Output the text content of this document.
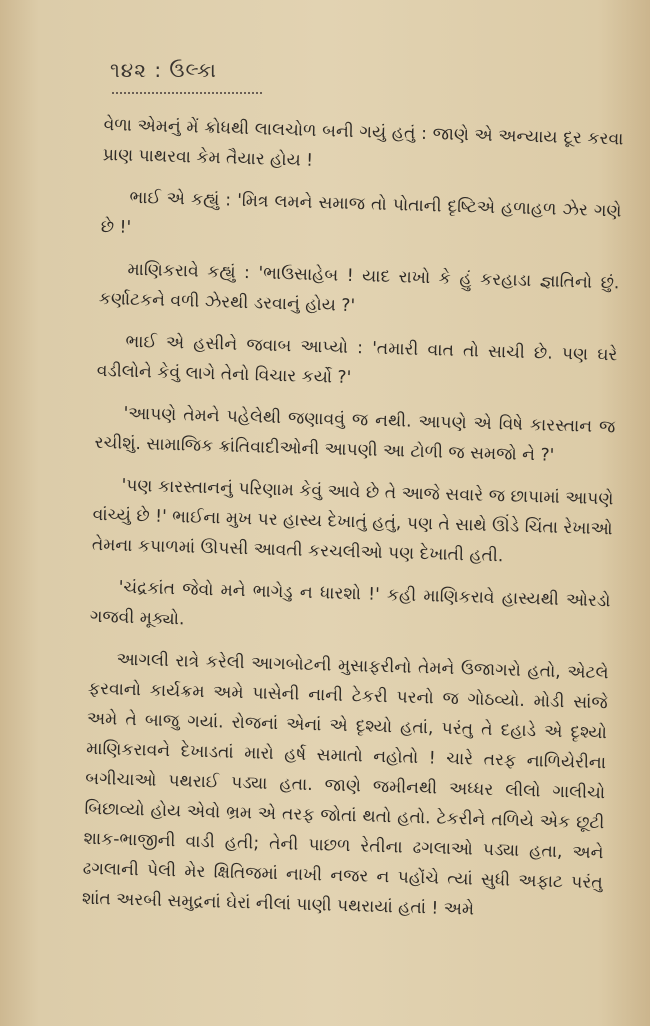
૧૪૨ : ઉલ્કા

વેળા એમનું મેં ક્રોધથી લાલચોળ બની ગયું હતું : જાણે એ અન્યાય દૂર કરવા પ્રાણ પાથરવા કેમ તૈયાર હોય !

ભાઈ એ કહ્યું : 'મિત્ર લમને સમાજ તો પોતાની દૃષ્ટિએ હળાહળ ઝેર ગણે છે !'

માણિકરાવે કહ્યું : 'ભાઉસાહેબ ! યાદ રાખો કે હું કરહાડા જ્ઞાતિનો છું. કર્ણાટકને વળી ઝેરથી ડરવાનું હોય ?'

ભાઈ એ હસીને જવાબ આપ્યો : 'તમારી વાત તો સાચી છે. પણ ઘરે વડીલોને કેવું લાગે તેનો વિચાર કર્યો ?'

'આપણે તેમને પહેલેથી જણાવવું જ નથી. આપણે એ વિષે કારસ્તાન જ રચીશું. સામાજિક ક્રાંતિવાદીઓની આપણી આ ટોળી જ સમજો ને ?'

'પણ કારસ્તાનનું પરિણામ કેવું આવે છે તે આજે સવારે જ છાપામાં આપણે વાંચ્યું છે !' ભાઈના મુખ પર હાસ્ય દેખાતું હતું, પણ તે સાથે ઊંડે ચિંતા રેખાઓ તેમના કપાળમાં ઊપસી આવતી કરચલીઓ પણ દેખાતી હતી.

'ચંદ્રકાંત જેવો મને ભાગેડુ ન ધારશો !' કહી માણિકરાવે હાસ્યથી ઓરડો ગજવી મૂક્યો.

આગલી રાત્રે કરેલી આગબોટની મુસાફરીનો તેમને ઉજાગરો હતો, એટલે ફરવાનો કાર્યક્રમ અમે પાસેની નાની ટેકરી પરનો જ ગોઠવ્યો. મોડી સાંજે અમે તે બાજુ ગયાં. રોજનાં એનાં એ દૃશ્યો હતાં, પરંતુ તે દહાડે એ દૃશ્યો માણિકરાવને દેખાડતાં મારો હર્ષ સમાતો નહોતો ! ચારે તરફ નાળિયેરીના બગીચાઓ પથરાઈ પડ્યા હતા. જાણે જમીનથી અધ્ધર લીલો ગાલીચો બિછાવ્યો હોય એવો ભ્રમ એ તરફ જોતાં થતો હતો. ટેકરીને તળિયે એક છૂટી શાક-ભાજીની વાડી હતી; તેની પાછળ રેતીના ઢગલાઓ પડ્યા હતા, અને ઢગલાની પેલી મેર ક્ષિતિજમાં નાખી નજર ન પહોંચે ત્યાં સુધી અફાટ પરંતુ શાંત અરબી સમુદ્રનાં ઘેરાં નીલાં પાણી પથરાયાં હતાં ! અમે
